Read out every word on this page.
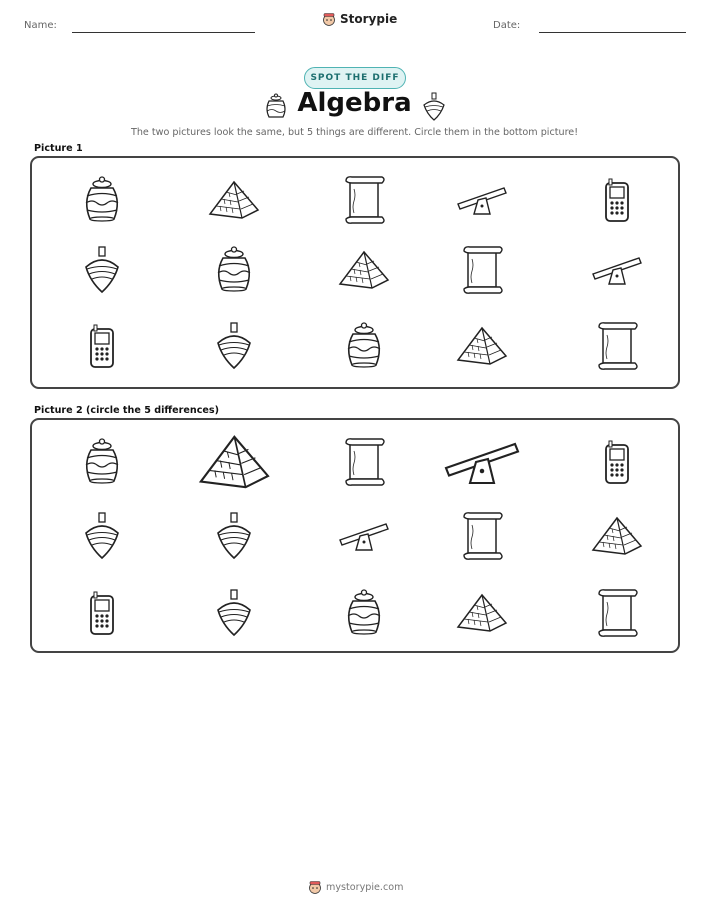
Name:	Storypie	Date:
SPOT THE DIFF
Algebra
The two pictures look the same, but 5 things are different. Circle them in the bottom picture!
Picture 1
Picture 2 (circle the 5 differences)
mystorypie.com
